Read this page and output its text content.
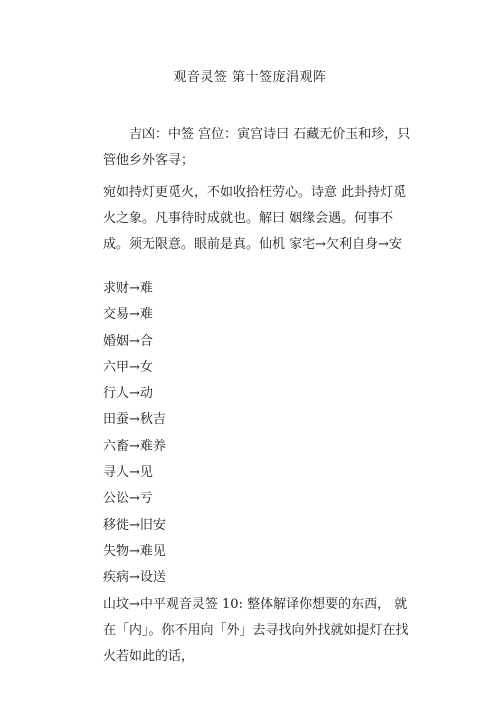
观音灵签 第十签庞涓观阵

吉凶：中签 宫位：寅宫诗曰 石藏无价玉和珍，只管他乡外客寻；

宛如持灯更觅火，不如收拾枉劳心。诗意 此卦持灯觅火之象。凡事待时成就也。解曰 姻缘会遇。何事不成。须无限意。眼前是真。仙机 家宅→欠利自身→安

求财→难
交易→难
婚姻→合
六甲→女
行人→动
田蚕→秋吉
六畜→难养
寻人→见
公讼→亏
移徙→旧安
失物→难见
疾病→设送

山坟→中平观音灵签 10: 整体解译你想要的东西， 就在「内」。你不用向「外」去寻找向外找就如提灯在找火若如此的话，
